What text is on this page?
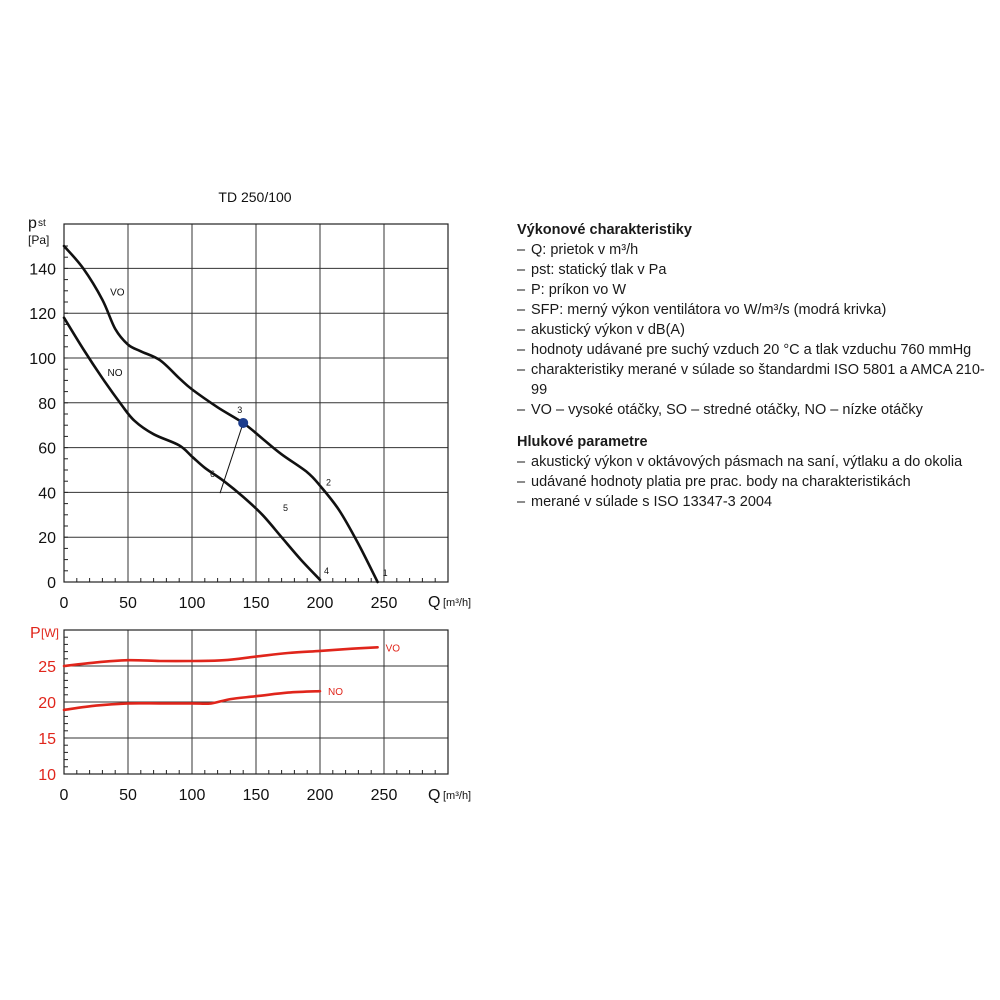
0	50	100 150 200 250
0
20
40
60
80
100
120
140
TD 250/100
p st
[Pa]
Q [m³/h]
VO
NO
1
2
3
4
5
6
0	50	100 150 200 250
10
15
20
25
P [W]
Q [m³/h]
VO
NO
Výkonové charakteristiky
– Q: prietok v m³/h
– pst: statický tlak v Pa
– P: príkon vo W
– SFP: merný výkon ventilátora vo W/m³/s (modrá krivka)
– akustický výkon v dB(A)
– hodnoty udávané pre suchý vzduch 20 °C a tlak vzduchu 760 mmHg
– charakteristiky merané v súlade so štandardmi ISO 5801 a AMCA 210-99
– VO – vysoké otáčky, SO – stredné otáčky, NO – nízke otáčky
Hlukové parametre
– akustický výkon v oktávových pásmach na saní, výtlaku a do okolia
– udávané hodnoty platia pre prac. body na charakteristikách
– merané v súlade s ISO 13347-3 2004
